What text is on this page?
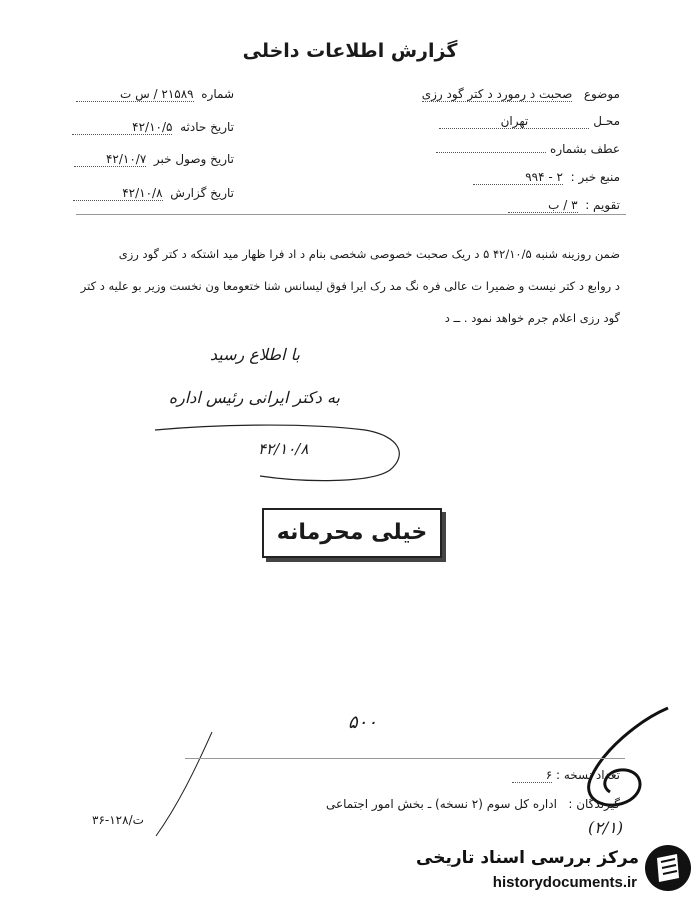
گزارش اطلاعات داخلی
موضوع   صحبت د رمورد د کتر گود رزی
محـل تهران
عطف بشماره
منبع خبر :  ۲ - ۹۹۴
تقویم :  ۳ / ب
شماره  ۲۱۵۸۹ / س ت
تاریخ حادثه  ۴۲/۱۰/۵
تاریخ وصول خبر  ۴۲/۱۰/۷
تاریخ گزارش  ۴۲/۱۰/۸
ضمن روزینه شنبه ۴۲/۱۰/۵ ۵ د ریک صحبت خصوصی شخصی بنام د اد فرا ظهار مید اشتکه د کتر گود رزی
د روابع د کتر نیست و ضمیرا ت عالی فره نگ مد رک ایرا فوق لیسانس شنا ختعومعا ون نخست وزیر بو علیه د کتر
گود رزی اعلام جرم خواهد نمود . ــ د
با اطلاع رسید
به دکتر ایرانی رئیس اداره
۴۲/۱۰/۸
خیلی محرمانه
۵۰۰
تعداد نسخه : ۶
گیرندگان :   اداره کل سوم (۲ نسخه) ـ بخش امور اجتماعی
ت/۱۲۸-۳۶	(۲/۱)
مرکز بررسی اسناد تاریخی
historydocuments.ir
